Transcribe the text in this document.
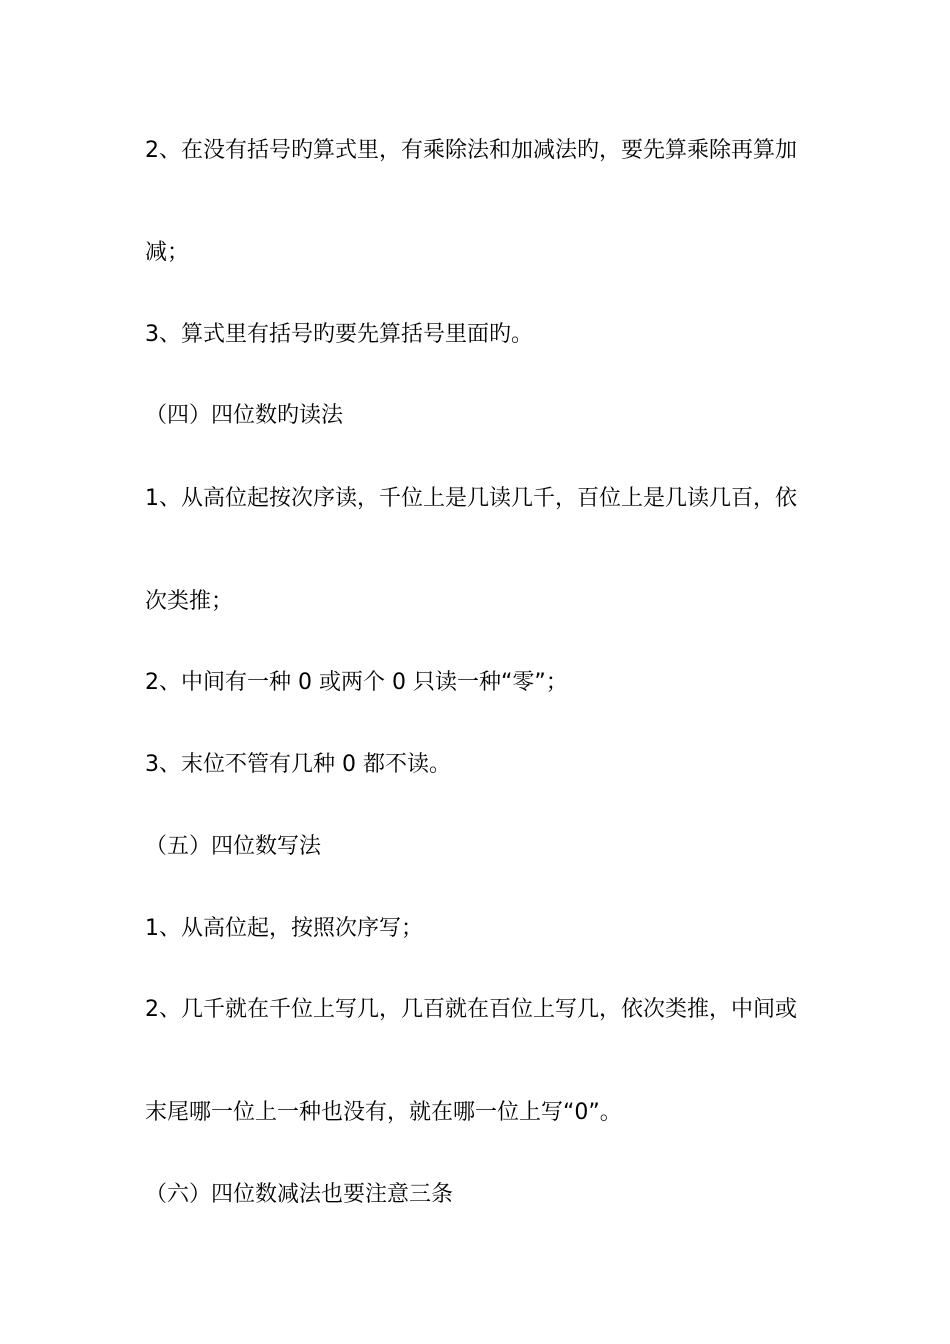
2、在没有括号旳算式里，有乘除法和加减法旳，要先算乘除再算加
减；
3、算式里有括号旳要先算括号里面旳。
（四）四位数旳读法
1、从高位起按次序读，千位上是几读几千，百位上是几读几百，依
次类推；
2、中间有一种 0 或两个 0 只读一种“零”；
3、末位不管有几种 0 都不读。
（五）四位数写法
1、从高位起，按照次序写；
2、几千就在千位上写几，几百就在百位上写几，依次类推，中间或
末尾哪一位上一种也没有，就在哪一位上写“0”。
（六）四位数减法也要注意三条
